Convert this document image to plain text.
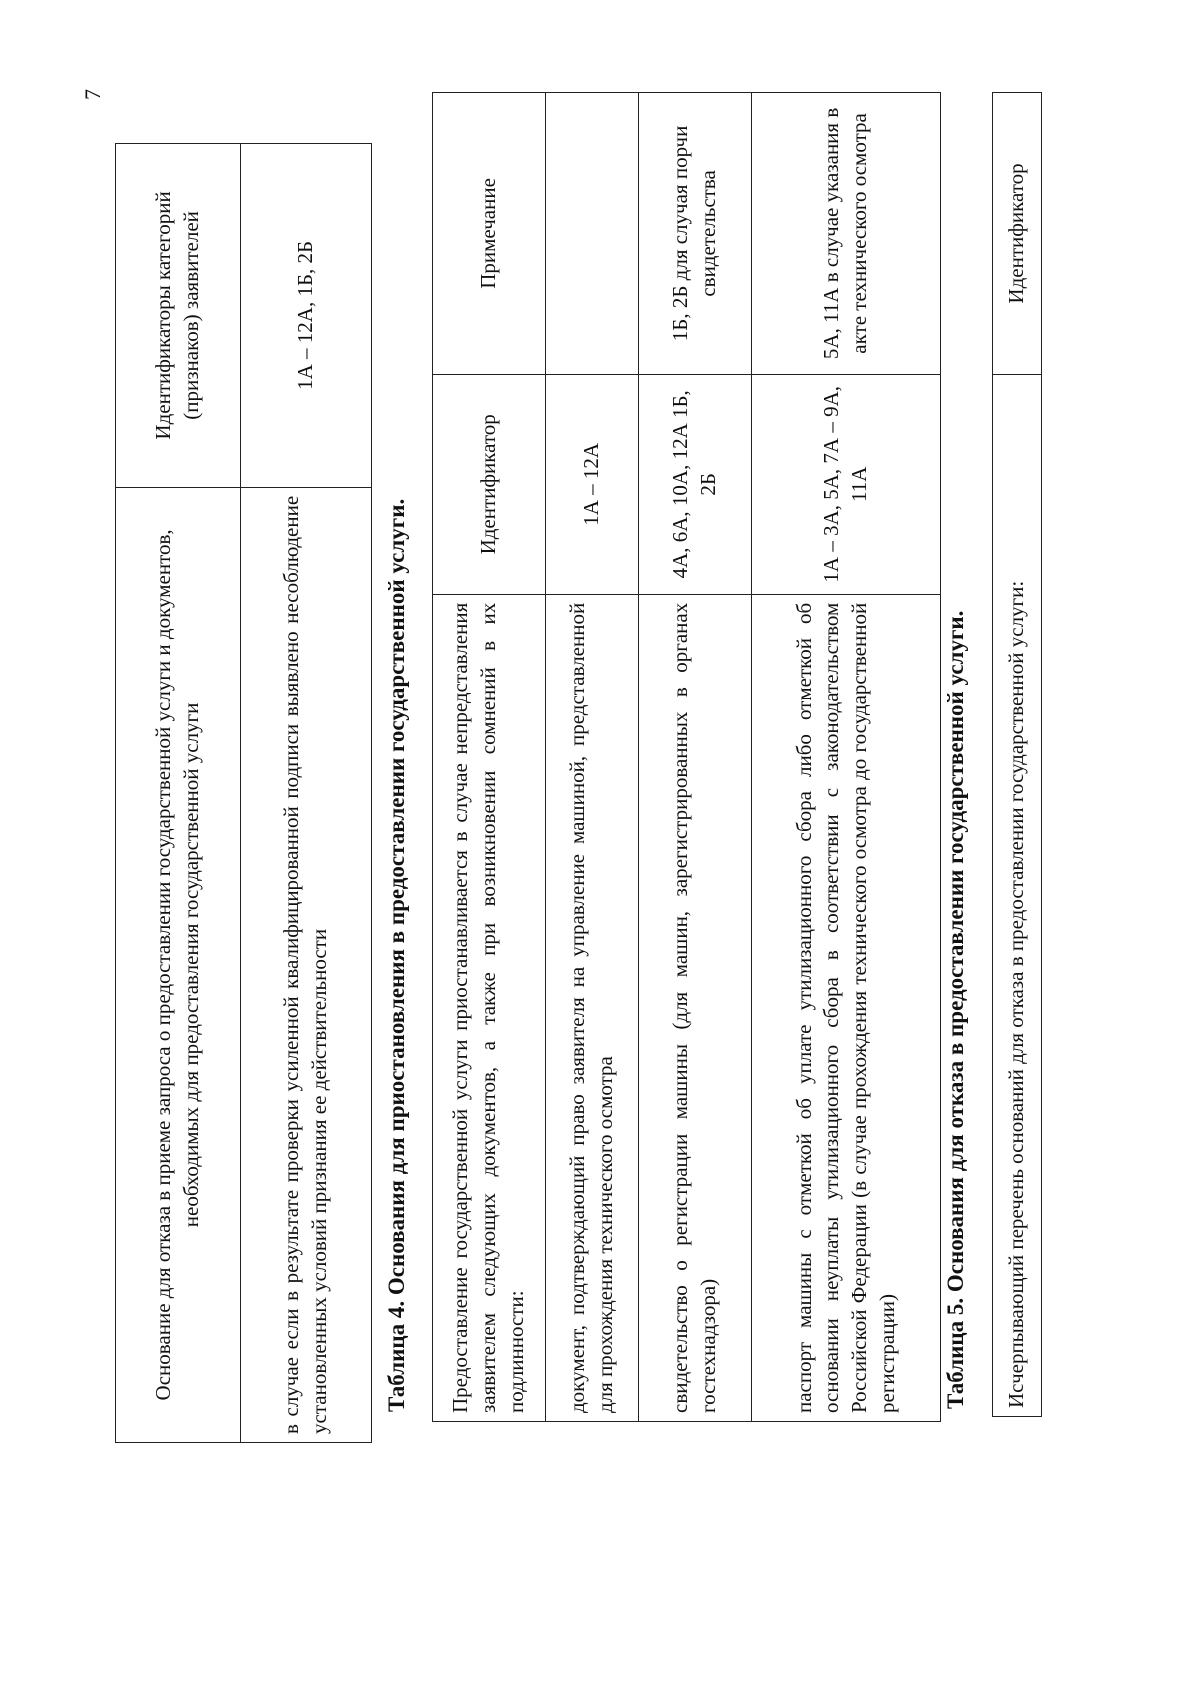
7
Основание для отказа в приеме запроса о предоставлении государственной услуги и документов, необходимых для предоставления государственной услуги	Идентификаторы категорий (признаков) заявителей
в случае если в результате проверки усиленной квалифицированной подписи выявлено несоблюдение установленных условий признания ее действительности	1А – 12А, 1Б, 2Б
Таблица 4. Основания для приостановления в предоставлении государственной услуги. Предоставление государственной услуги приостанавливается в случае непредставления заявителем следующих документов, а также при возникновении сомнений в их подлинности:	Идентификатор	Примечание
документ, подтверждающий право заявителя на управление машиной, представленной для прохождения технического осмотра	1А – 12А	
свидетельство о регистрации машины (для машин, зарегистрированных в органах гостехнадзора)	4А, 6А, 10А, 12А 1Б, 2Б	1Б, 2Б для случая порчи свидетельства
паспорт машины с отметкой об уплате утилизационного сбора либо отметкой об основании неуплаты утилизационного сбора в соответствии с законодательством Российской Федерации (в случае прохождения технического осмотра до государственной регистрации)	1А – 3А, 5А, 7А – 9А, 11А	5А, 11А в случае указания в акте технического осмотра
Таблица 5. Основания для отказа в предоставлении государственной услуги. Исчерпывающий перечень оснований для отказа в предоставлении государственной услуги:	Идентификатор
